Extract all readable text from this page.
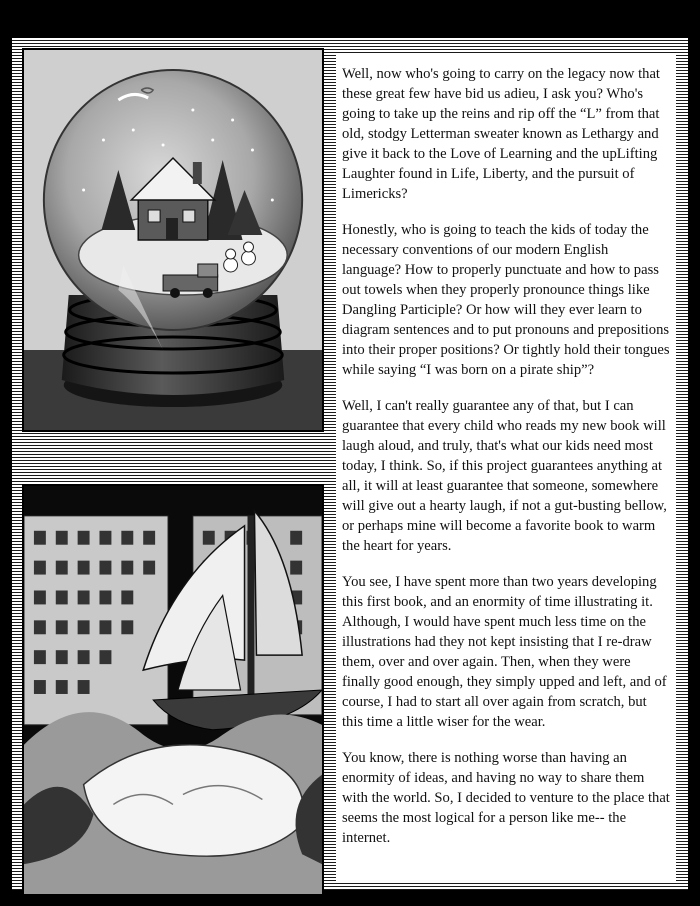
Well, now who's going to carry on the legacy now that these great few have bid us adieu, I ask you? Who's going to take up the reins and rip off the “L” from that old, stodgy Letterman sweater known as Lethargy and give it back to the Love of Learning and the upLifting Laughter found in Life, Liberty, and the pursuit of Limericks?

Honestly, who is going to teach the kids of today the necessary conventions of our modern English language? How to properly punctuate and how to pass out towels when they properly pronounce things like Dangling Participle? Or how will they ever learn to diagram sentences and to put pronouns and prepositions into their proper positions? Or tightly hold their tongues while saying “I was born on a pirate ship”?

Well, I can't really guarantee any of that, but I can guarantee that every child who reads my new book will laugh aloud, and truly, that's what our kids need most today, I think. So, if this project guarantees anything at all, it will at least guarantee that someone, somewhere will give out a hearty laugh, if not a gut-busting bellow, or perhaps mine will become a favorite book to warm the heart for years.

You see, I have spent more than two years developing this first book, and an enormity of time illustrating it. Although, I would have spent much less time on the illustrations had they not kept insisting that I re-draw them, over and over again. Then, when they were finally good enough, they simply upped and left, and of course, I had to start all over again from scratch, but this time a little wiser for the wear.

You know, there is nothing worse than having an enormity of ideas, and having no way to share them with the world. So, I decided to venture to the place that seems the most logical for a person like me-- the internet.
